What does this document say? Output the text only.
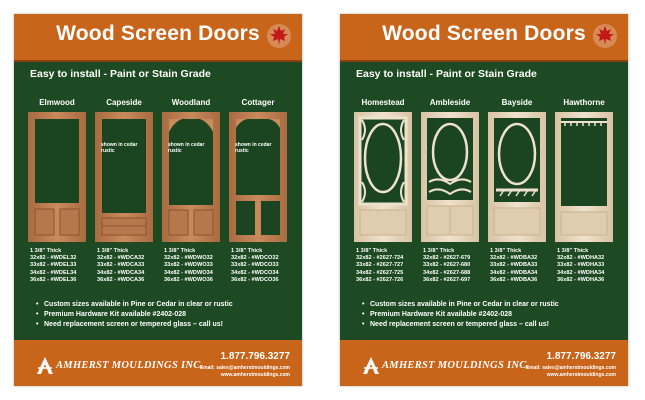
Wood Screen Doors
Easy to install - Paint or Stain Grade
Elmwood
1 3/8" Thick
32x82 - #WDEL32
33x82 - #WDEL33
34x82 - #WDEL34
36x82 - #WDEL36
Capeside
shown in cedar rustic
1 3/8" Thick
32x82 - #WDCA32
33x82 - #WDCA33
34x82 - #WDCA34
36x82 - #WDCA36
Woodland
shown in cedar rustic
1 3/8" Thick
32x82 - #WDWO32
33x82 - #WDWO33
34x82 - #WDWO34
36x82 - #WDWO36
Cottager
shown in cedar rustic
1 3/8" Thick
32x82 - #WDCO32
33x82 - #WDCO33
34x82 - #WDCO34
36x82 - #WDCO36
• Custom sizes available in Pine or Cedar in clear or rustic
• Premium Hardware Kit available #2402-028
• Need replacement screen or tempered glass – call us!
AMHERST MOULDINGS INC.
1.877.796.3277
Email: sales@amherstmouldings.com
www.amherstmouldings.com
Wood Screen Doors
Easy to install - Paint or Stain Grade
Homestead
1 3/8" Thick
32x82 - #2627-724
33x82 - #2627-727
34x82 - #2627-725
36x82 - #2627-726
Ambleside
1 3/8" Thick
32x82 - #2627-679
33x82 - #2627-680
34x82 - #2627-688
36x82 - #2627-697
Bayside
1 3/8" Thick
32x82 - #WDBA32
33x82 - #WDBA33
34x82 - #WDBA34
36x82 - #WDBA36
Hawthorne
1 3/8" Thick
32x82 - #WDHA32
33x82 - #WDHA33
34x82 - #WDHA34
36x82 - #WDHA36
• Custom sizes available in Pine or Cedar in clear or rustic
• Premium Hardware Kit available #2402-028
• Need replacement screen or tempered glass – call us!
AMHERST MOULDINGS INC.
1.877.796.3277
Email: sales@amherstmouldings.com
www.amherstmouldings.com
